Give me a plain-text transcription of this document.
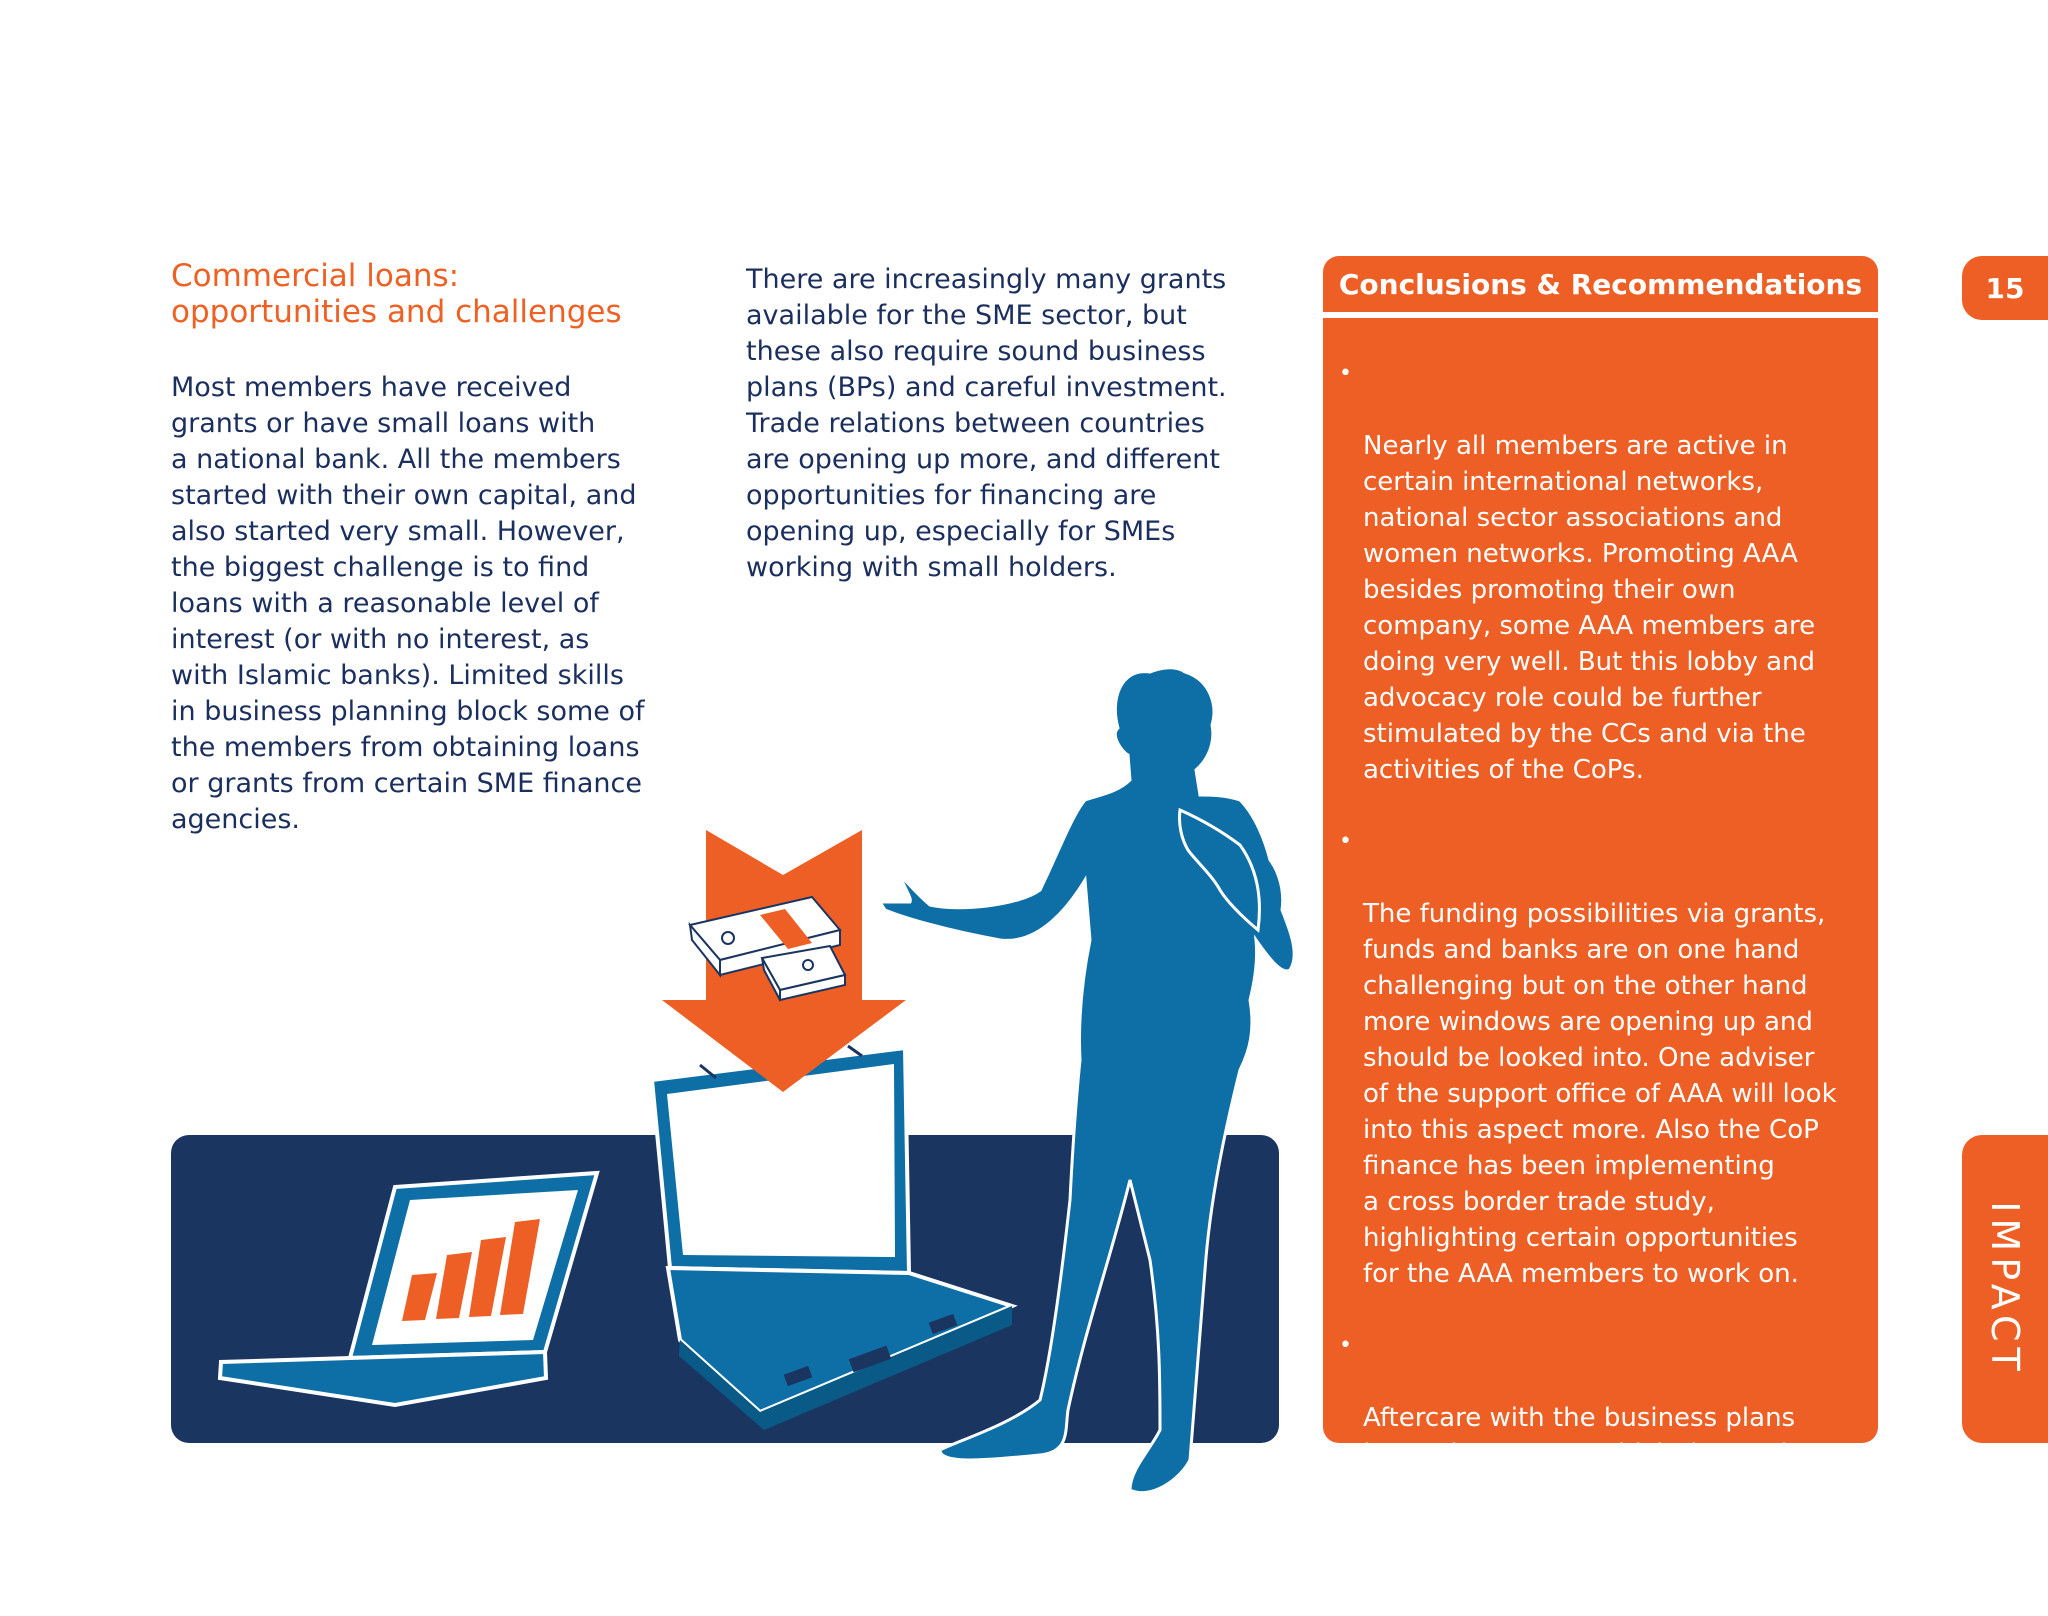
Commercial loans:
opportunities and challenges

Most members have received
grants or have small loans with
a national bank. All the members
started with their own capital, and
also started very small. However,
the biggest challenge is to find
loans with a reasonable level of
interest (or with no interest, as
with Islamic banks). Limited skills
in business planning block some of
the members from obtaining loans
or grants from certain SME finance
agencies.

There are increasingly many grants
available for the SME sector, but
these also require sound business
plans (BPs) and careful investment.
Trade relations between countries
are opening up more, and different
opportunities for financing are
opening up, especially for SMEs
working with small holders.

Conclusions & Recommendations

•

Nearly all members are active in
certain international networks,
national sector associations and
women networks. Promoting AAA
besides promoting their own
company, some AAA members are
doing very well. But this lobby and
advocacy role could be further
stimulated by the CCs and via the
activities of the CoPs.

•

The funding possibilities via grants,
funds and banks are on one hand
challenging but on the other hand
more windows are opening up and
should be looked into. One adviser
of the support office of AAA will look
into this aspect more. Also the CoP
finance has been implementing
a cross border trade study,
highlighting certain opportunities
for the AAA members to work on.

•

Aftercare with the business plans
is another aspect which demands
some focus, taken into account the
implementation of the business
plans after having obtained a loan.

15
IMPACT
